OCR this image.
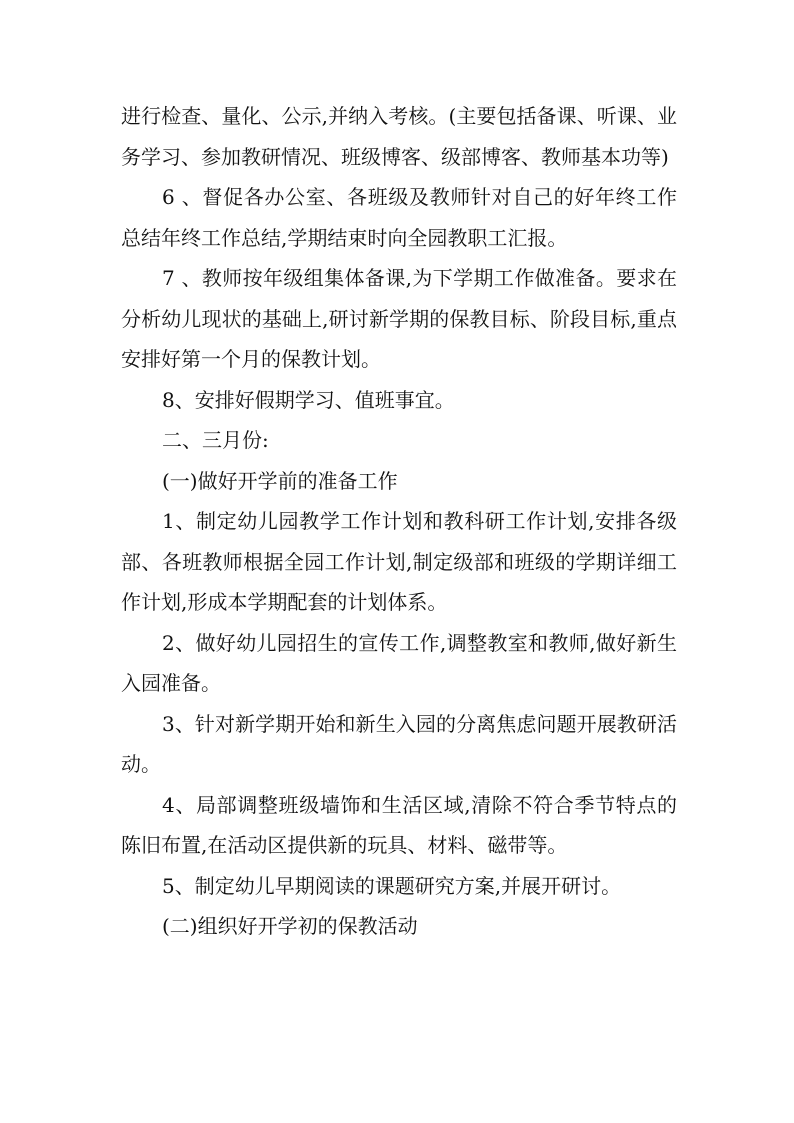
进行检查、量化、公示,并纳入考核。(主要包括备课、听课、业务学习、参加教研情况、班级博客、级部博客、教师基本功等)

6 、督促各办公室、各班级及教师针对自己的好年终工作总结年终工作总结,学期结束时向全园教职工汇报。

7 、教师按年级组集体备课,为下学期工作做准备。要求在分析幼儿现状的基础上,研讨新学期的保教目标、阶段目标,重点安排好第一个月的保教计划。

8、安排好假期学习、值班事宜。

二、三月份:

(一)做好开学前的准备工作

1、制定幼儿园教学工作计划和教科研工作计划,安排各级部、各班教师根据全园工作计划,制定级部和班级的学期详细工作计划,形成本学期配套的计划体系。

2、做好幼儿园招生的宣传工作,调整教室和教师,做好新生入园准备。

3、针对新学期开始和新生入园的分离焦虑问题开展教研活动。

4、局部调整班级墙饰和生活区域,清除不符合季节特点的陈旧布置,在活动区提供新的玩具、材料、磁带等。

5、制定幼儿早期阅读的课题研究方案,并展开研讨。

(二)组织好开学初的保教活动
